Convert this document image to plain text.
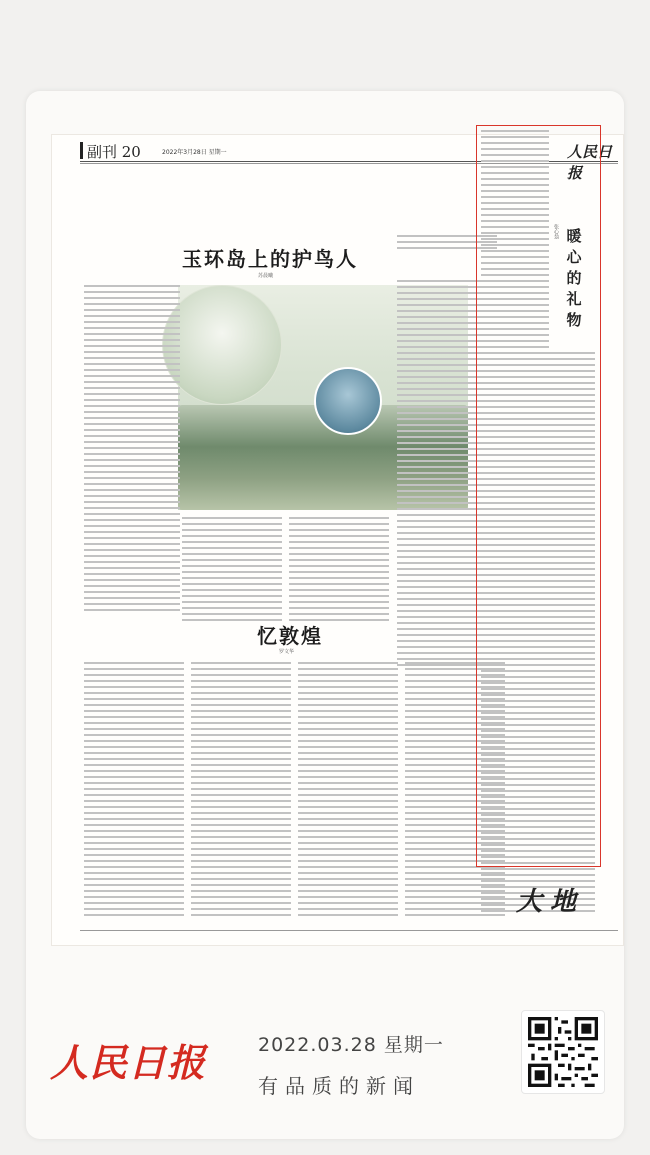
副刊 20	2022年3月28日 星期一	人民日报
玉环岛上的护鸟人
苏晨曦
忆敦煌
罗文华
暖
心
的
礼
物
张心翁
大地
人民日报	2022.03.28 星期一
有品质的新闻
